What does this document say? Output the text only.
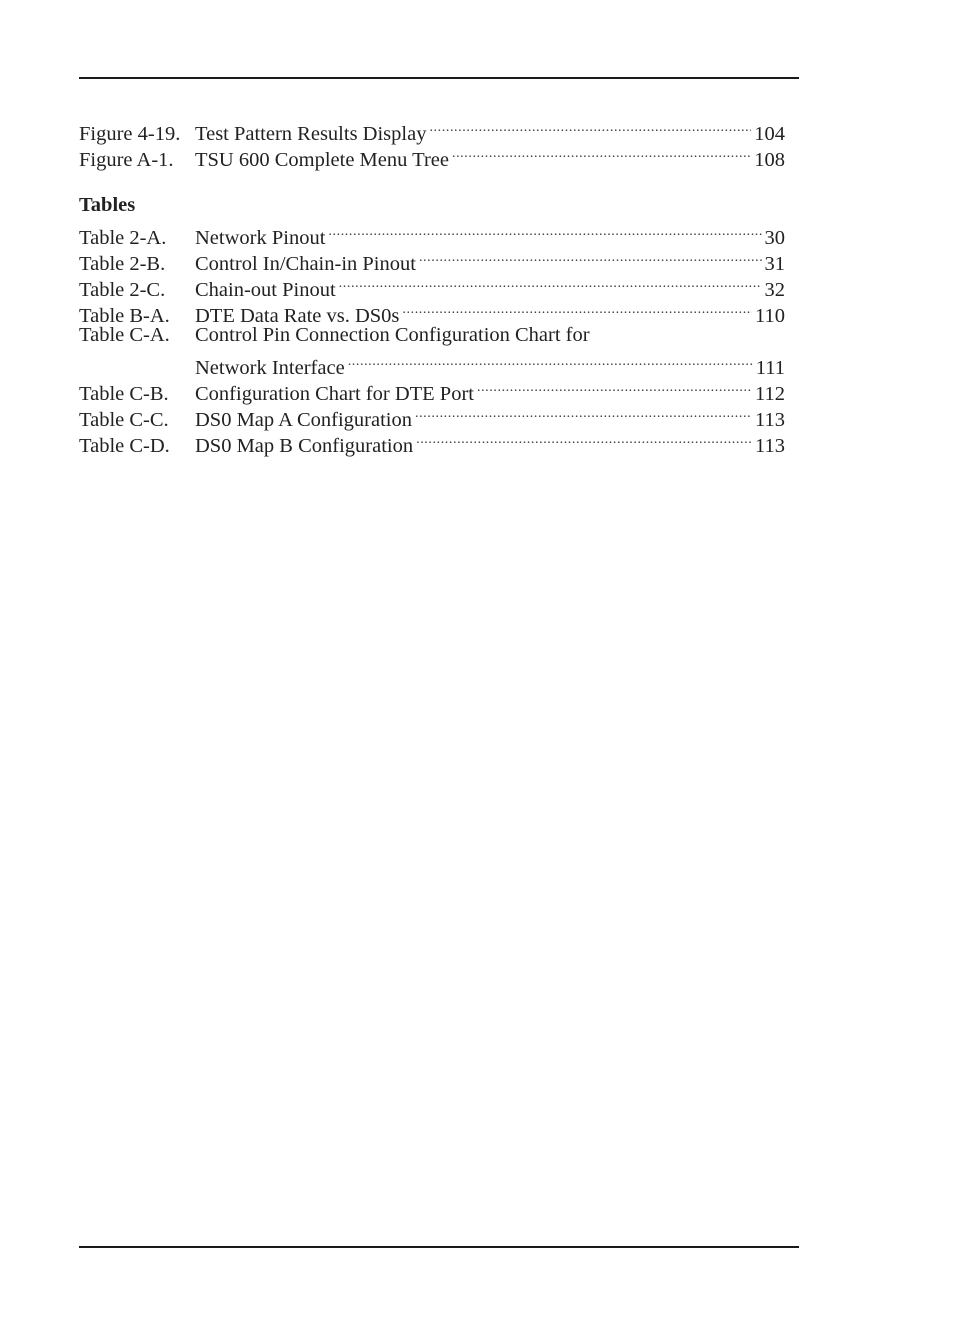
Figure 4-19. Test Pattern Results Display .....	104
Figure A-1.	TSU 600 Complete Menu Tree .....	108
Tables
Table 2-A.	Network Pinout .....	30
Table 2-B.	Control In/Chain-in Pinout .....	31
Table 2-C.	Chain-out Pinout .....	32
Table B-A.	DTE Data Rate vs. DS0s .....	110
Table C-A.	Control Pin Connection Configuration Chart for
Network Interface .....	111
Table C-B.	Configuration Chart for DTE Port .....	112
Table C-C.	DS0 Map A Configuration .....	113
Table C-D.	DS0 Map B Configuration .....	113
